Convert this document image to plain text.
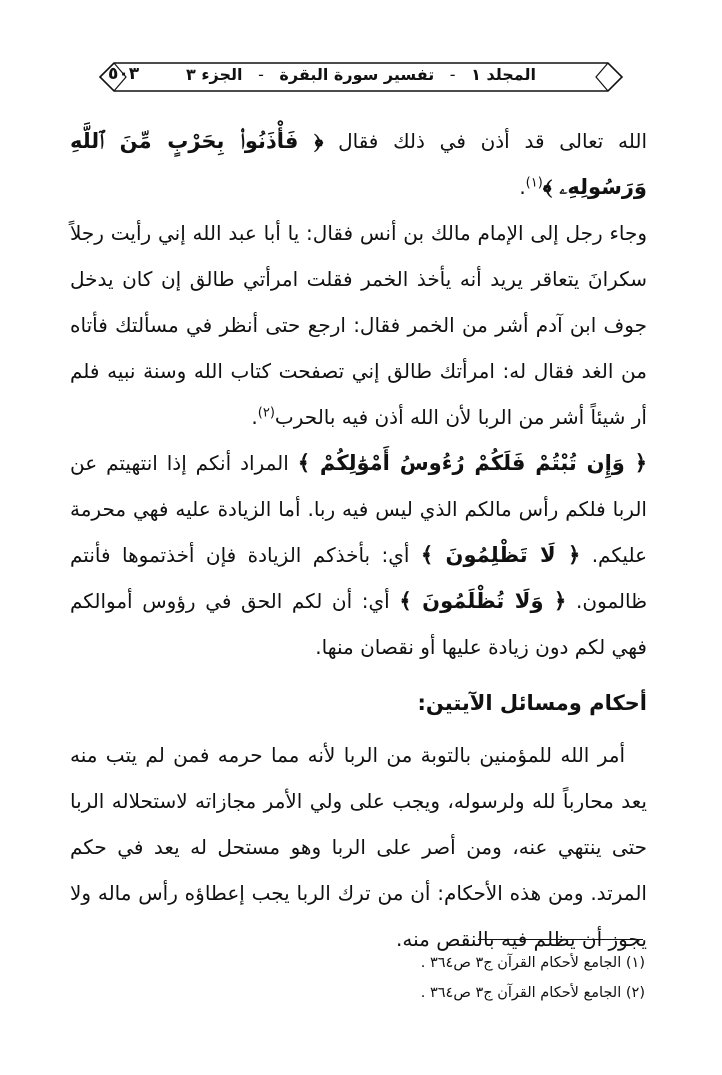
المجلد ١ - تفسير سورة البقرة - الجزء ٣
٥٠٣

الله تعالى قد أذن في ذلك فقال ﴿ فَأْذَنُوا۟ بِحَرْبٍ مِّنَ ٱللَّهِ وَرَسُولِهِۦ ﴾$^{(١)}$.

وجاء رجل إلى الإمام مالك بن أنس فقال: يا أبا عبد الله إني رأيت رجلاً سكرانَ يتعاقر يريد أنه يأخذ الخمر فقلت امرأتي طالق إن كان يدخل جوف ابن آدم أشر من الخمر فقال: ارجع حتى أنظر في مسألتك فأتاه من الغد فقال له: امرأتك طالق إني تصفحت كتاب الله وسنة نبيه فلم أر شيئاً أشر من الربا لأن الله أذن فيه بالحرب$^{(٢)}$.

﴿ وَإِن تُبْتُمْ فَلَكُمْ رُءُوسُ أَمْوَٰلِكُمْ ﴾ المراد أنكم إذا انتهيتم عن الربا فلكم رأس مالكم الذي ليس فيه ربا. أما الزيادة عليه فهي محرمة عليكم. ﴿ لَا تَظْلِمُونَ ﴾ أي: بأخذكم الزيادة فإن أخذتموها فأنتم ظالمون. ﴿ وَلَا تُظْلَمُونَ ﴾ أي: أن لكم الحق في رؤوس أموالكم فهي لكم دون زيادة عليها أو نقصان منها.

أحكام ومسائل الآيتين:

أمر الله للمؤمنين بالتوبة من الربا لأنه مما حرمه فمن لم يتب منه يعد محارباً لله ولرسوله، ويجب على ولي الأمر مجازاته لاستحلاله الربا حتى ينتهي عنه، ومن أصر على الربا وهو مستحل له يعد في حكم المرتد. ومن هذه الأحكام: أن من ترك الربا يجب إعطاؤه رأس ماله ولا يجوز أن يظلم فيه بالنقص منه.

(١) الجامع لأحكام القرآن ج٣ ص٣٦٤ .
(٢) الجامع لأحكام القرآن ج٣ ص٣٦٤ .
